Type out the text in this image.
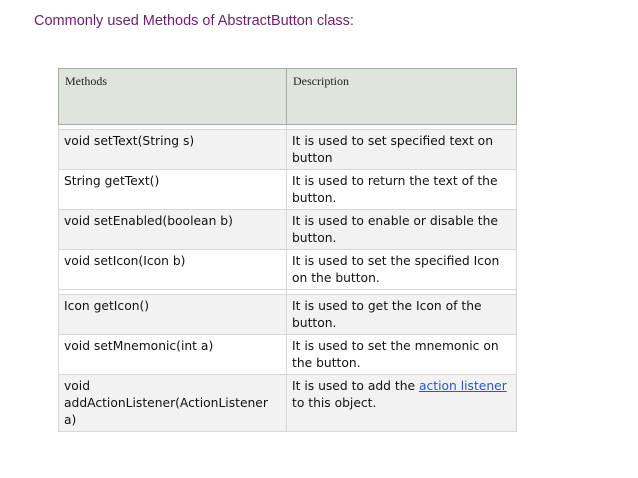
Commonly used Methods of AbstractButton class:
Methods	Description

void setText(String s)	It is used to set specified text on button
String getText()	It is used to return the text of the button.
void setEnabled(boolean b)	It is used to enable or disable the button.
void setIcon(Icon b)	It is used to set the specified Icon on the button.

Icon getIcon()	It is used to get the Icon of the button.
void setMnemonic(int a)	It is used to set the mnemonic on the button.
void addActionListener(ActionListener a)	It is used to add the action listener to this object.
